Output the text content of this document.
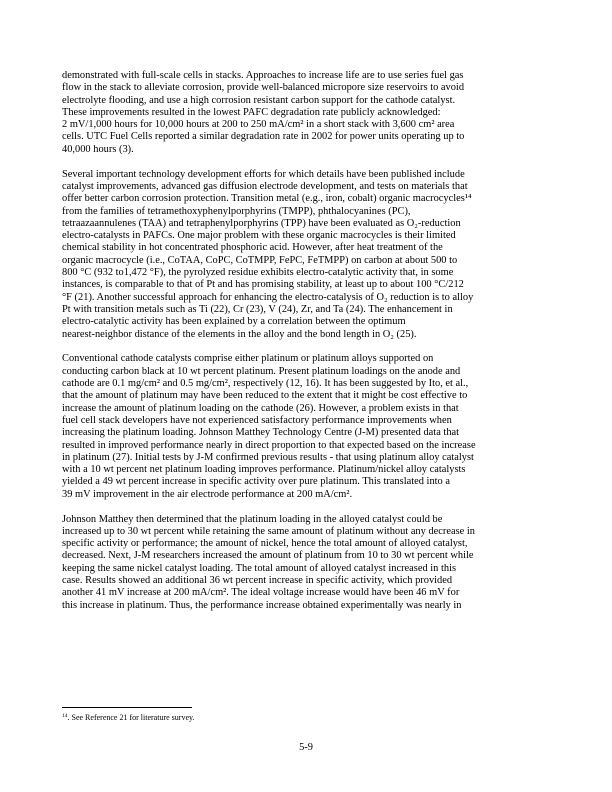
demonstrated with full-scale cells in stacks. Approaches to increase life are to use series fuel gas
flow in the stack to alleviate corrosion, provide well-balanced micropore size reservoirs to avoid
electrolyte flooding, and use a high corrosion resistant carbon support for the cathode catalyst.
These improvements resulted in the lowest PAFC degradation rate publicly acknowledged:
2 mV/1,000 hours for 10,000 hours at 200 to 250 mA/cm² in a short stack with 3,600 cm² area
cells. UTC Fuel Cells reported a similar degradation rate in 2002 for power units operating up to
40,000 hours (3).
Several important technology development efforts for which details have been published include
catalyst improvements, advanced gas diffusion electrode development, and tests on materials that
offer better carbon corrosion protection. Transition metal (e.g., iron, cobalt) organic macrocycles¹⁴
from the families of tetramethoxyphenylporphyrins (TMPP), phthalocyanines (PC),
tetraazaannulenes (TAA) and tetraphenylporphyrins (TPP) have been evaluated as O₂-reduction
electro-catalysts in PAFCs. One major problem with these organic macrocycles is their limited
chemical stability in hot concentrated phosphoric acid. However, after heat treatment of the
organic macrocycle (i.e., CoTAA, CoPC, CoTMPP, FePC, FeTMPP) on carbon at about 500 to
800 °C (932 to1,472 °F), the pyrolyzed residue exhibits electro-catalytic activity that, in some
instances, is comparable to that of Pt and has promising stability, at least up to about 100 °C/212
°F (21). Another successful approach for enhancing the electro-catalysis of O₂ reduction is to alloy
Pt with transition metals such as Ti (22), Cr (23), V (24), Zr, and Ta (24). The enhancement in
electro-catalytic activity has been explained by a correlation between the optimum
nearest-neighbor distance of the elements in the alloy and the bond length in O₂ (25).
Conventional cathode catalysts comprise either platinum or platinum alloys supported on
conducting carbon black at 10 wt percent platinum. Present platinum loadings on the anode and
cathode are 0.1 mg/cm² and 0.5 mg/cm², respectively (12, 16). It has been suggested by Ito, et al.,
that the amount of platinum may have been reduced to the extent that it might be cost effective to
increase the amount of platinum loading on the cathode (26). However, a problem exists in that
fuel cell stack developers have not experienced satisfactory performance improvements when
increasing the platinum loading. Johnson Matthey Technology Centre (J-M) presented data that
resulted in improved performance nearly in direct proportion to that expected based on the increase
in platinum (27). Initial tests by J-M confirmed previous results - that using platinum alloy catalyst
with a 10 wt percent net platinum loading improves performance. Platinum/nickel alloy catalysts
yielded a 49 wt percent increase in specific activity over pure platinum. This translated into a
39 mV improvement in the air electrode performance at 200 mA/cm².
Johnson Matthey then determined that the platinum loading in the alloyed catalyst could be
increased up to 30 wt percent while retaining the same amount of platinum without any decrease in
specific activity or performance; the amount of nickel, hence the total amount of alloyed catalyst,
decreased. Next, J-M researchers increased the amount of platinum from 10 to 30 wt percent while
keeping the same nickel catalyst loading. The total amount of alloyed catalyst increased in this
case. Results showed an additional 36 wt percent increase in specific activity, which provided
another 41 mV increase at 200 mA/cm². The ideal voltage increase would have been 46 mV for
this increase in platinum. Thus, the performance increase obtained experimentally was nearly in
$^{14}$. See Reference 21 for literature survey.
5-9
